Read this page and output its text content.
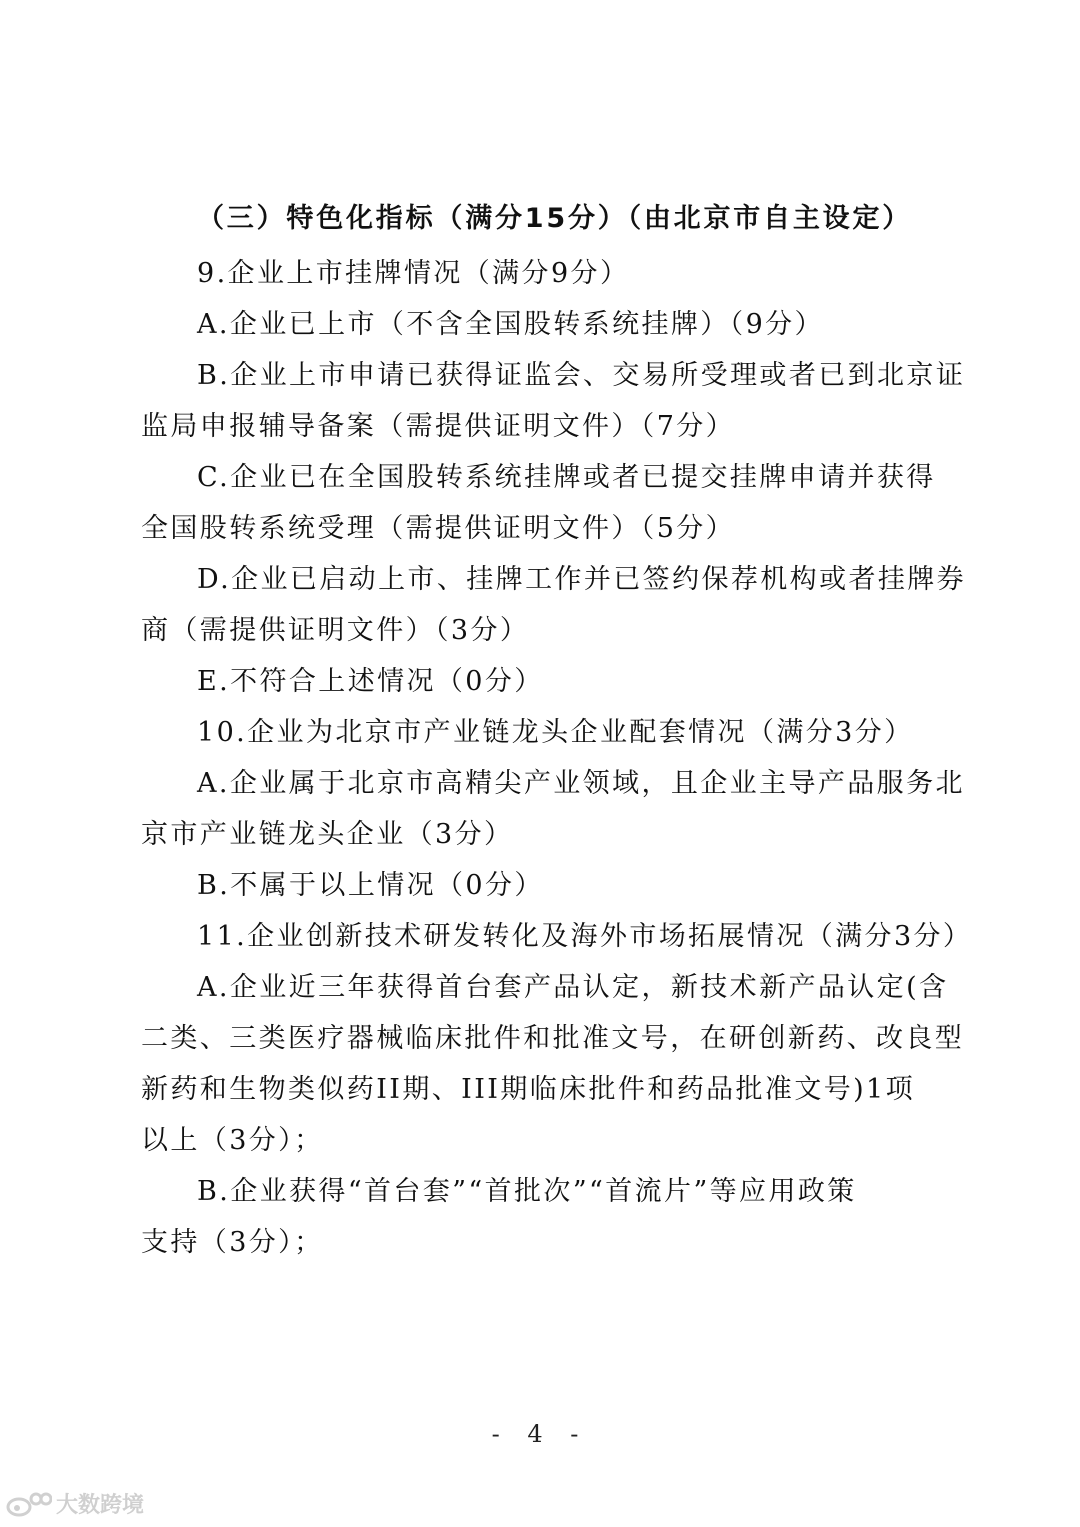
（三）特色化指标（满分15分）（由北京市自主设定）
9.企业上市挂牌情况（满分9分）
A.企业已上市（不含全国股转系统挂牌）（9分）
B.企业上市申请已获得证监会、交易所受理或者已到北京证
监局申报辅导备案（需提供证明文件）（7分）
C.企业已在全国股转系统挂牌或者已提交挂牌申请并获得
全国股转系统受理（需提供证明文件）（5分）
D.企业已启动上市、挂牌工作并已签约保荐机构或者挂牌券
商（需提供证明文件）（3分）
E.不符合上述情况（0分）
10.企业为北京市产业链龙头企业配套情况（满分3分）
A.企业属于北京市高精尖产业领域，且企业主导产品服务北
京市产业链龙头企业（3分）
B.不属于以上情况（0分）
11.企业创新技术研发转化及海外市场拓展情况（满分3分）
A.企业近三年获得首台套产品认定，新技术新产品认定(含
二类、三类医疗器械临床批件和批准文号，在研创新药、改良型
新药和生物类似药II期、III期临床批件和药品批准文号)1项
以上（3分）；
B.企业获得“首台套”“首批次”“首流片”等应用政策
支持（3分）；
- 4 -
大数跨境
